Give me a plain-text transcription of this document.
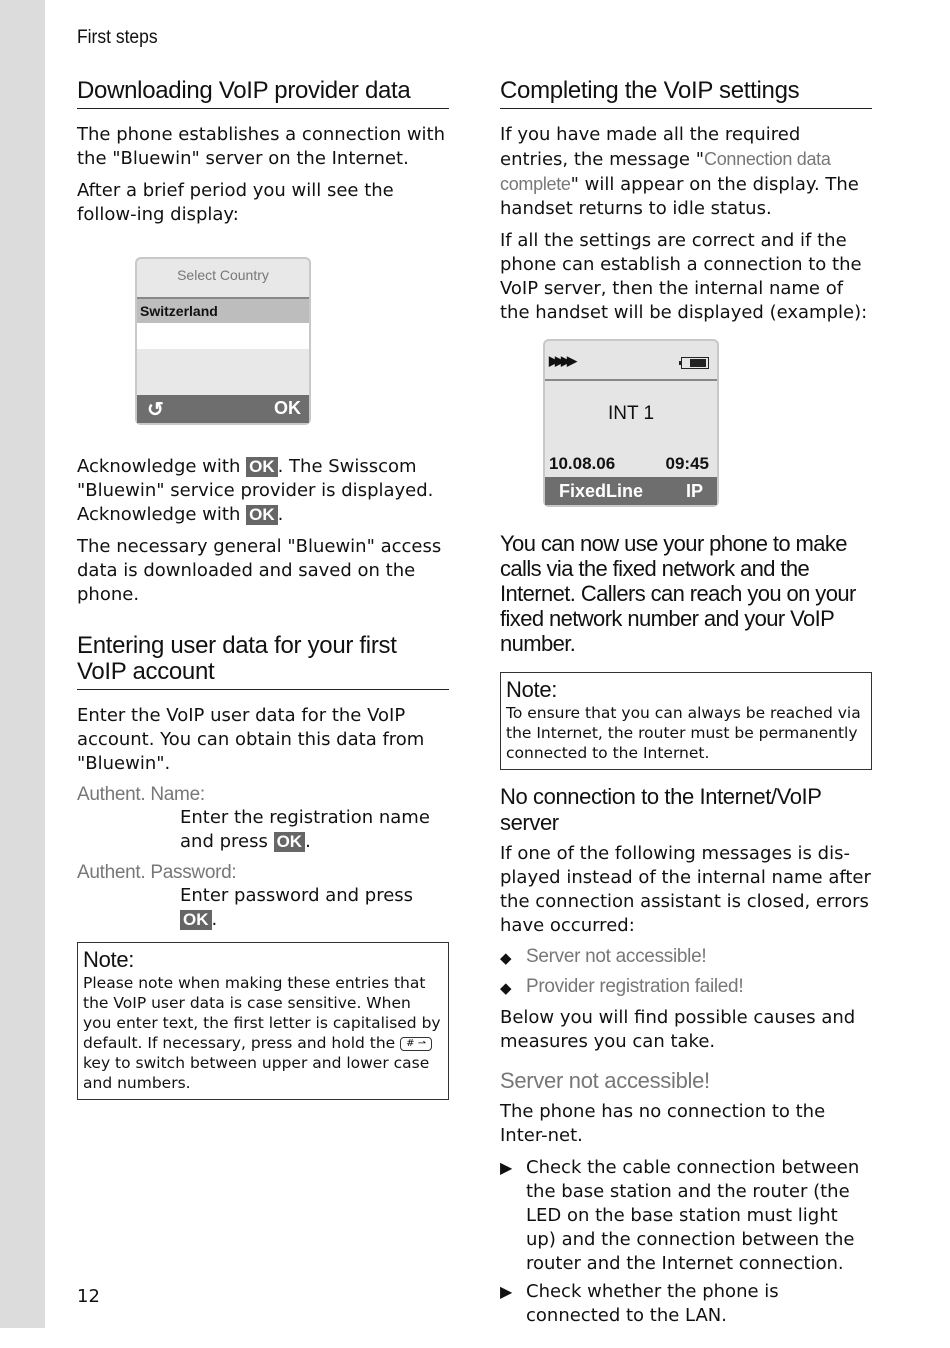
First steps
Downloading VoIP provider data

The phone establishes a connection with the "Bluewin" server on the Internet.

After a brief period you will see the follow-ing display:

Select Country
Switzerland
↺	OK

Acknowledge with OK . The Swisscom "Bluewin" service provider is displayed. Acknowledge with OK .

The necessary general "Bluewin" access data is downloaded and saved on the phone.

Entering user data for your first VoIP account

Enter the VoIP user data for the VoIP account. You can obtain this data from "Bluewin".

Authent. Name:

Enter the registration name and press OK .

Authent. Password:

Enter password and press OK .

Note:
Please note when making these entries that the VoIP user data is case sensitive. When you enter text, the first letter is capitalised by default. If necessary, press and hold the # ⇀ key to switch between upper and lower case and numbers.
Completing the VoIP settings

If you have made all the required entries, the message "Connection data complete" will appear on the display. The handset returns to idle status.

If all the settings are correct and if the phone can establish a connection to the VoIP server, then the internal name of the handset will be displayed (example):

▶▶▶▶
INT 1
10.08.06	09:45
FixedLine IP
You can now use your phone to make calls via the fixed network and the Internet. Callers can reach you on your fixed network number and your VoIP number.
Note:
To ensure that you can always be reached via the Internet, the router must be permanently connected to the Internet.
No connection to the Internet/VoIP server

If one of the following messages is dis-played instead of the internal name after the connection assistant is closed, errors have occurred:

◆ Server not accessible!
◆ Provider registration failed!

Below you will find possible causes and measures you can take.

Server not accessible!

The phone has no connection to the Inter-net.

▶ Check the cable connection between the base station and the router (the LED on the base station must light up) and the connection between the router and the Internet connection.
▶ Check whether the phone is connected to the LAN.
12
